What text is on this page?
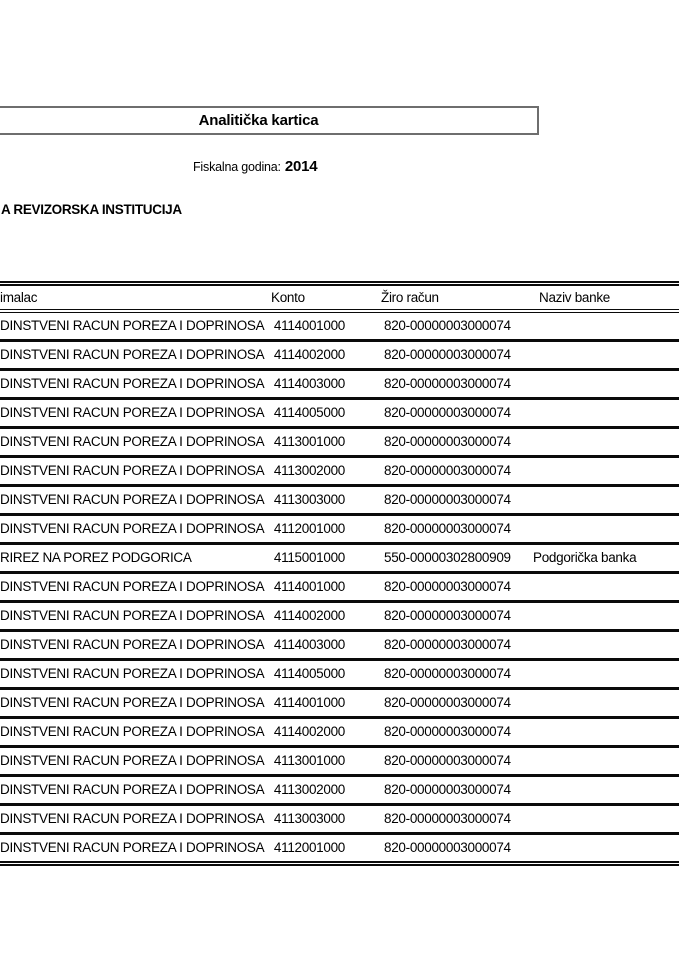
Analitička kartica
Fiskalna godina: 2014
A REVIZORSKA INSTITUCIJA
imalac	Konto	Žiro račun	Naziv banke
DINSTVENI RACUN POREZA I DOPRINOSA 4114001000	820-00000003000074
DINSTVENI RACUN POREZA I DOPRINOSA 4114002000	820-00000003000074
DINSTVENI RACUN POREZA I DOPRINOSA 4114003000	820-00000003000074
DINSTVENI RACUN POREZA I DOPRINOSA 4114005000	820-00000003000074
DINSTVENI RACUN POREZA I DOPRINOSA 4113001000	820-00000003000074
DINSTVENI RACUN POREZA I DOPRINOSA 4113002000	820-00000003000074
DINSTVENI RACUN POREZA I DOPRINOSA 4113003000	820-00000003000074
DINSTVENI RACUN POREZA I DOPRINOSA 4112001000	820-00000003000074
RIREZ NA POREZ PODGORICA	4115001000	550-00000302800909 Podgorička banka
DINSTVENI RACUN POREZA I DOPRINOSA 4114001000	820-00000003000074
DINSTVENI RACUN POREZA I DOPRINOSA 4114002000	820-00000003000074
DINSTVENI RACUN POREZA I DOPRINOSA 4114003000	820-00000003000074
DINSTVENI RACUN POREZA I DOPRINOSA 4114005000	820-00000003000074
DINSTVENI RACUN POREZA I DOPRINOSA 4114001000	820-00000003000074
DINSTVENI RACUN POREZA I DOPRINOSA 4114002000	820-00000003000074
DINSTVENI RACUN POREZA I DOPRINOSA 4113001000	820-00000003000074
DINSTVENI RACUN POREZA I DOPRINOSA 4113002000	820-00000003000074
DINSTVENI RACUN POREZA I DOPRINOSA 4113003000	820-00000003000074
DINSTVENI RACUN POREZA I DOPRINOSA 4112001000	820-00000003000074
